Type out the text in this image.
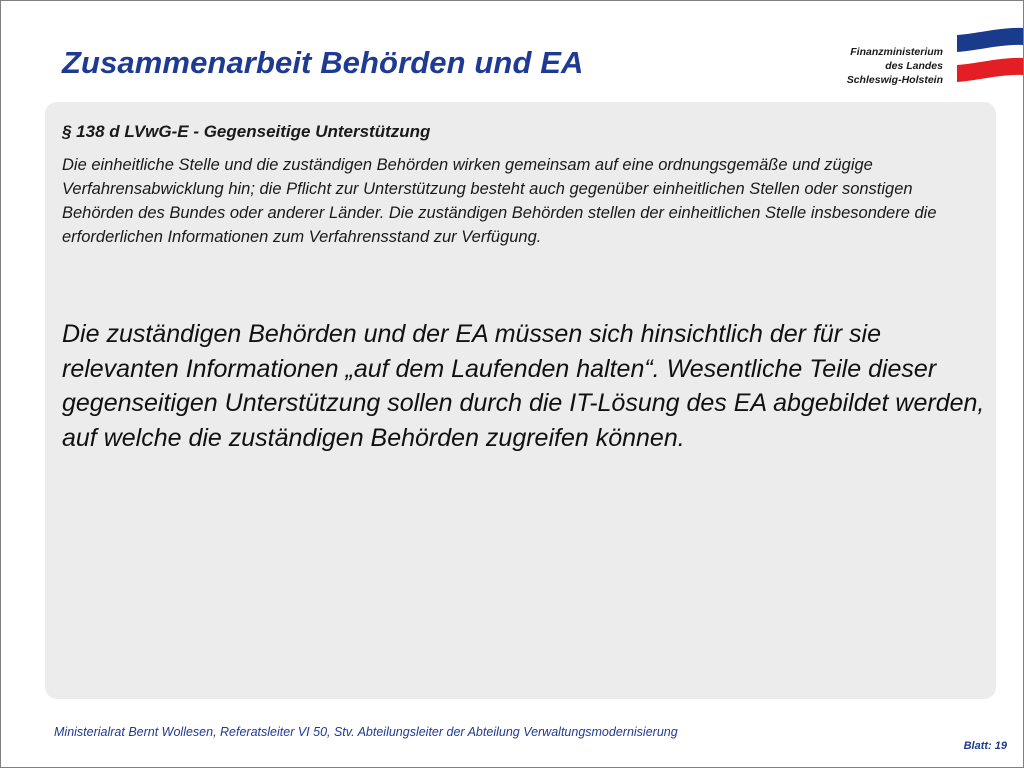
Zusammenarbeit Behörden und EA	Finanzministerium
des Landes
Schleswig-Holstein
§ 138 d LVwG-E - Gegenseitige Unterstützung

Die einheitliche Stelle und die zuständigen Behörden wirken gemeinsam auf eine ordnungsgemäße und zügige Verfahrensabwicklung hin; die Pflicht zur Unterstützung besteht auch gegenüber einheitlichen Stellen oder sonstigen Behörden des Bundes oder anderer Länder. Die zuständigen Behörden stellen der einheitlichen Stelle insbesondere die erforderlichen Informationen zum Verfahrensstand zur Verfügung.

Die zuständigen Behörden und der EA müssen sich hinsichtlich der für sie relevanten Informationen „auf dem Laufenden halten“. Wesentliche Teile dieser gegenseitigen Unterstützung sollen durch die IT-Lösung des EA abgebildet werden, auf welche die zuständigen Behörden zugreifen können.

Ministerialrat Bernt Wollesen, Referatsleiter VI 50, Stv. Abteilungsleiter der Abteilung Verwaltungsmodernisierung

Blatt: 19
